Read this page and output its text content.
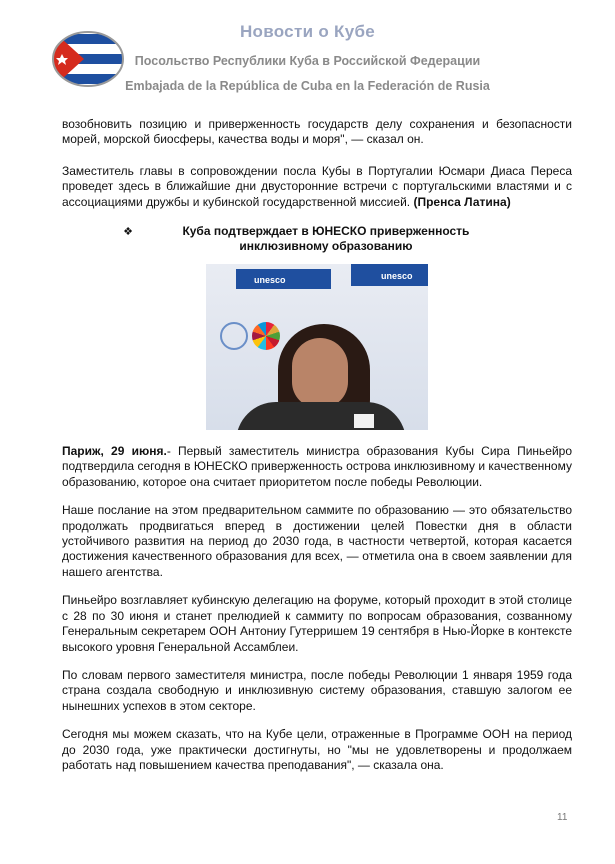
Новости о Кубе
Посольство Республики Куба в Российской Федерации
Embajada de la República de Cuba en la Federación de Rusia

возобновить позицию и приверженность государств делу сохранения и безопасности морей, морской биосферы, качества воды и моря", — сказал он.

Заместитель главы в сопровождении посла Кубы в Португалии Юсмари Диаса Переса проведет здесь в ближайшие дни двусторонние встречи с португальскими властями и с ассоциациями дружбы и кубинской государственной миссией. (Пренса Латина)

❖	Куба подтверждает в ЮНЕСКО приверженность инклюзивному образованию
unesco	unesco

Париж, 29 июня.- Первый заместитель министра образования Кубы Сира Пиньейро подтвердила сегодня в ЮНЕСКО приверженность острова инклюзивному и качественному образованию, которое она считает приоритетом после победы Революции.

Наше послание на этом предварительном саммите по образованию — это обязательство продолжать продвигаться вперед в достижении целей Повестки дня в области устойчивого развития на период до 2030 года, в частности четвертой, которая касается достижения качественного образования для всех, — отметила она в своем заявлении для нашего агентства.

Пиньейро возглавляет кубинскую делегацию на форуме, который проходит в этой столице с 28 по 30 июня и станет прелюдией к саммиту по вопросам образования, созванному Генеральным секретарем ООН Антониу Гутерришем 19 сентября в Нью-Йорке в контексте высокого уровня Генеральной Ассамблеи.

По словам первого заместителя министра, после победы Революции 1 января 1959 года страна создала свободную и инклюзивную систему образования, ставшую залогом ее нынешних успехов в этом секторе.

Сегодня мы можем сказать, что на Кубе цели, отраженные в Программе ООН на период до 2030 года, уже практически достигнуты, но "мы не удовлетворены и продолжаем работать над повышением качества преподавания", — сказала она.

11
